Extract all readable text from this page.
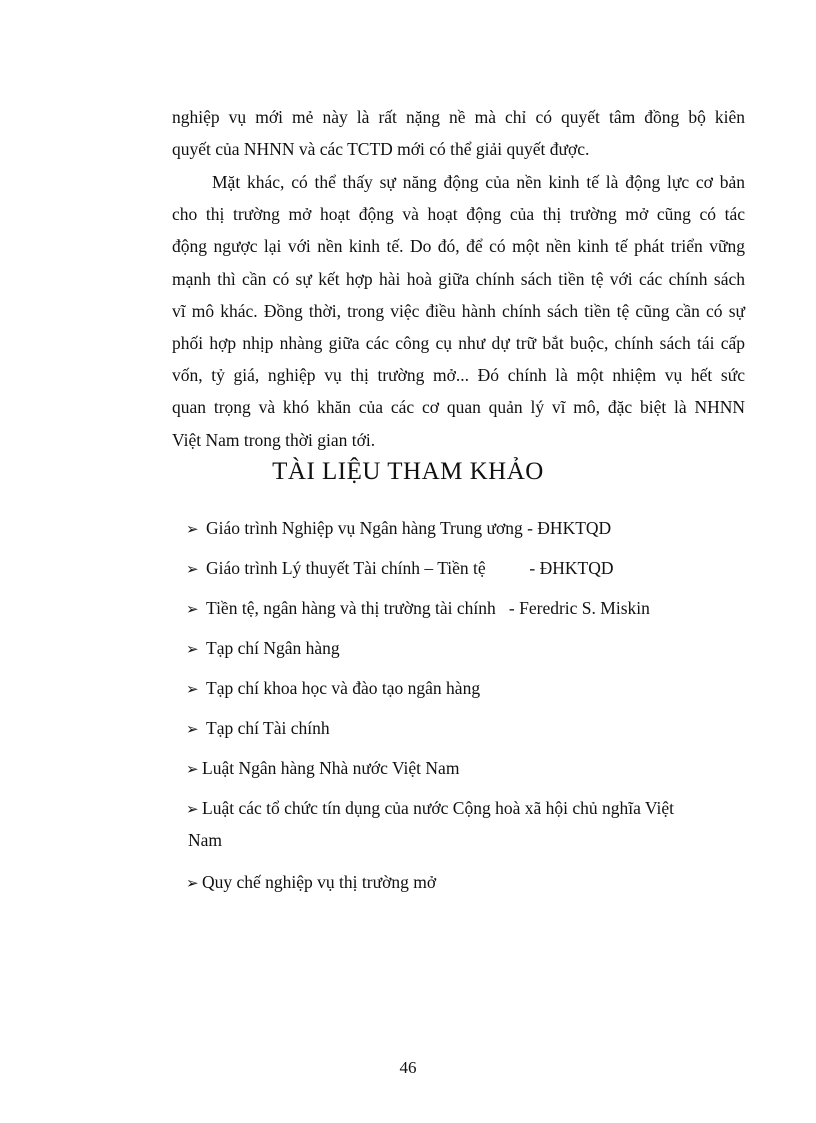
nghiệp vụ mới mẻ này là rất nặng nề mà chỉ có quyết tâm đồng bộ kiên
quyết của NHNN và các TCTD mới có thể giải quyết được.
Mặt khác, có thể thấy sự năng động của nền kinh tế là động lực cơ bản
cho thị trường mở hoạt động và hoạt động của thị trường mở cũng có tác
động ngược lại với nền kinh tế. Do đó, để có một nền kinh tế phát triển vững
mạnh thì cần có sự kết hợp hài hoà giữa chính sách tiền tệ với các chính sách
vĩ mô khác. Đồng thời, trong việc điều hành chính sách tiền tệ cũng cần có sự
phối hợp nhịp nhàng giữa các công cụ như dự trữ bắt buộc, chính sách tái cấp
vốn, tỷ giá, nghiệp vụ thị trường mở... Đó chính là một nhiệm vụ hết sức
quan trọng và khó khăn của các cơ quan quản lý vĩ mô, đặc biệt là NHNN
Việt Nam trong thời gian tới.
TÀI LIỆU THAM KHẢO
➢ Giáo trình Nghiệp vụ Ngân hàng Trung ương - ĐHKTQD
➢ Giáo trình Lý thuyết Tài chính – Tiền tệ          - ĐHKTQD
➢ Tiền tệ, ngân hàng và thị trường tài chính   - Feredric S. Miskin
➢ Tạp chí Ngân hàng
➢ Tạp chí khoa học và đào tạo ngân hàng
➢ Tạp chí Tài chính
➢ Luật Ngân hàng Nhà nước Việt Nam
➢ Luật các tổ chức tín dụng của nước Cộng hoà xã hội chủ nghĩa Việt
Nam
➢ Quy chế nghiệp vụ thị trường mở

46
